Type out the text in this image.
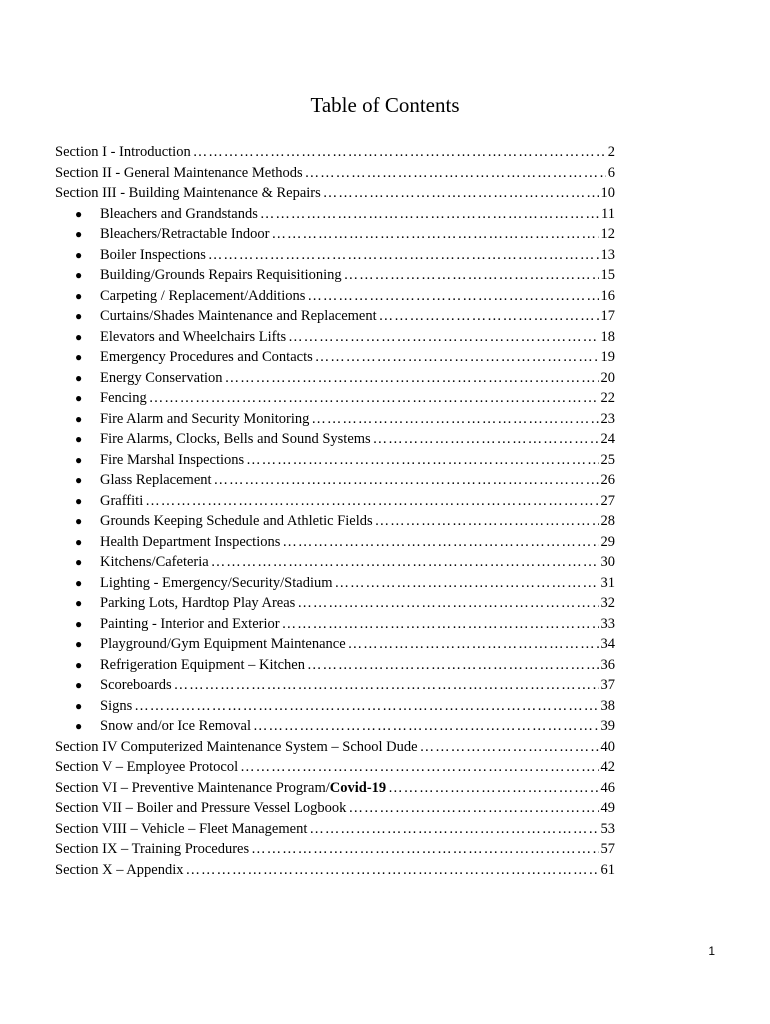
Table of Contents
Section I - Introduction ……………………………………………………………………………………………………………………………………………………………………	2
Section II - General Maintenance Methods ……………………………………………………………………………………………………………………………………………………………………	6
Section III - Building Maintenance & Repairs ……………………………………………………………………………………………………………………………………………………………………	10
●	Bleachers and Grandstands ……………………………………………………………………………………………………………………………………………………………………	11
●	Bleachers/Retractable Indoor ……………………………………………………………………………………………………………………………………………………………………	12
●	Boiler Inspections ……………………………………………………………………………………………………………………………………………………………………	13
●	Building/Grounds Repairs Requisitioning ……………………………………………………………………………………………………………………………………………………………………	15
●	Carpeting / Replacement/Additions ……………………………………………………………………………………………………………………………………………………………………	16
●	Curtains/Shades Maintenance and Replacement ……………………………………………………………………………………………………………………………………………………………………	17
●	Elevators and Wheelchairs Lifts ……………………………………………………………………………………………………………………………………………………………………	18
●	Emergency Procedures and Contacts ……………………………………………………………………………………………………………………………………………………………………	19
●	Energy Conservation ……………………………………………………………………………………………………………………………………………………………………	20
●	Fencing ……………………………………………………………………………………………………………………………………………………………………	22
●	Fire Alarm and Security Monitoring ……………………………………………………………………………………………………………………………………………………………………	23
●	Fire Alarms, Clocks, Bells and Sound Systems ……………………………………………………………………………………………………………………………………………………………………	24
●	Fire Marshal Inspections ……………………………………………………………………………………………………………………………………………………………………	25
●	Glass Replacement ……………………………………………………………………………………………………………………………………………………………………	26
●	Graffiti ……………………………………………………………………………………………………………………………………………………………………	27
●	Grounds Keeping Schedule and Athletic Fields ……………………………………………………………………………………………………………………………………………………………………	28
●	Health Department Inspections ……………………………………………………………………………………………………………………………………………………………………	29
●	Kitchens/Cafeteria ……………………………………………………………………………………………………………………………………………………………………	30
●	Lighting - Emergency/Security/Stadium ……………………………………………………………………………………………………………………………………………………………………	31
●	Parking Lots, Hardtop Play Areas ……………………………………………………………………………………………………………………………………………………………………	32
●	Painting - Interior and Exterior ……………………………………………………………………………………………………………………………………………………………………	33
●	Playground/Gym Equipment Maintenance ……………………………………………………………………………………………………………………………………………………………………	34
●	Refrigeration Equipment – Kitchen ……………………………………………………………………………………………………………………………………………………………………	36
●	Scoreboards ……………………………………………………………………………………………………………………………………………………………………	37
●	Signs ……………………………………………………………………………………………………………………………………………………………………	38
●	Snow and/or Ice Removal ……………………………………………………………………………………………………………………………………………………………………	39
Section IV Computerized Maintenance System – School Dude ……………………………………………………………………………………………………………………………………………………………………	40
Section V – Employee Protocol ……………………………………………………………………………………………………………………………………………………………………	42
Section VI – Preventive Maintenance Program/Covid-19 ……………………………………………………………………………………………………………………………………………………………………	46
Section VII – Boiler and Pressure Vessel Logbook ……………………………………………………………………………………………………………………………………………………………………	49
Section VIII – Vehicle – Fleet Management ……………………………………………………………………………………………………………………………………………………………………	53
Section IX – Training Procedures ……………………………………………………………………………………………………………………………………………………………………	57
Section X – Appendix ……………………………………………………………………………………………………………………………………………………………………	61
1
